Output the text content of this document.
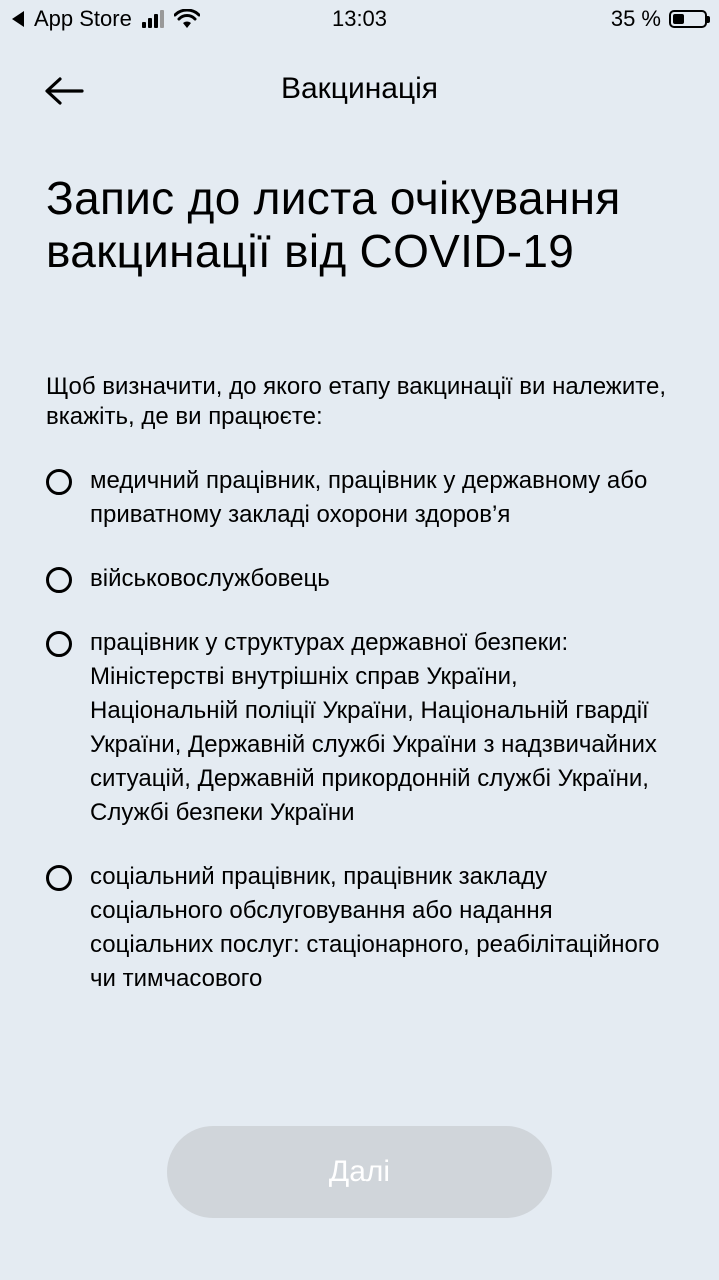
App Store	13:03	35 %
Вакцинація
Запис до листа очікування вакцинації від COVID-19
Щоб визначити, до якого етапу вакцинації ви належите, вкажіть, де ви працюєте:
медичний працівник, працівник у державному або приватному закладі охорони здоров’я
військовослужбовець
працівник у структурах державної безпеки: Міністерстві внутрішніх справ України, Національній поліції України, Національній гвардії України, Державній службі України з надзвичайних ситуацій, Державній прикордонній службі України, Службі безпеки України
соціальний працівник, працівник закладу соціального обслуговування або надання соціальних послуг: стаціонарного, реабілітаційного чи тимчасового
Далі
